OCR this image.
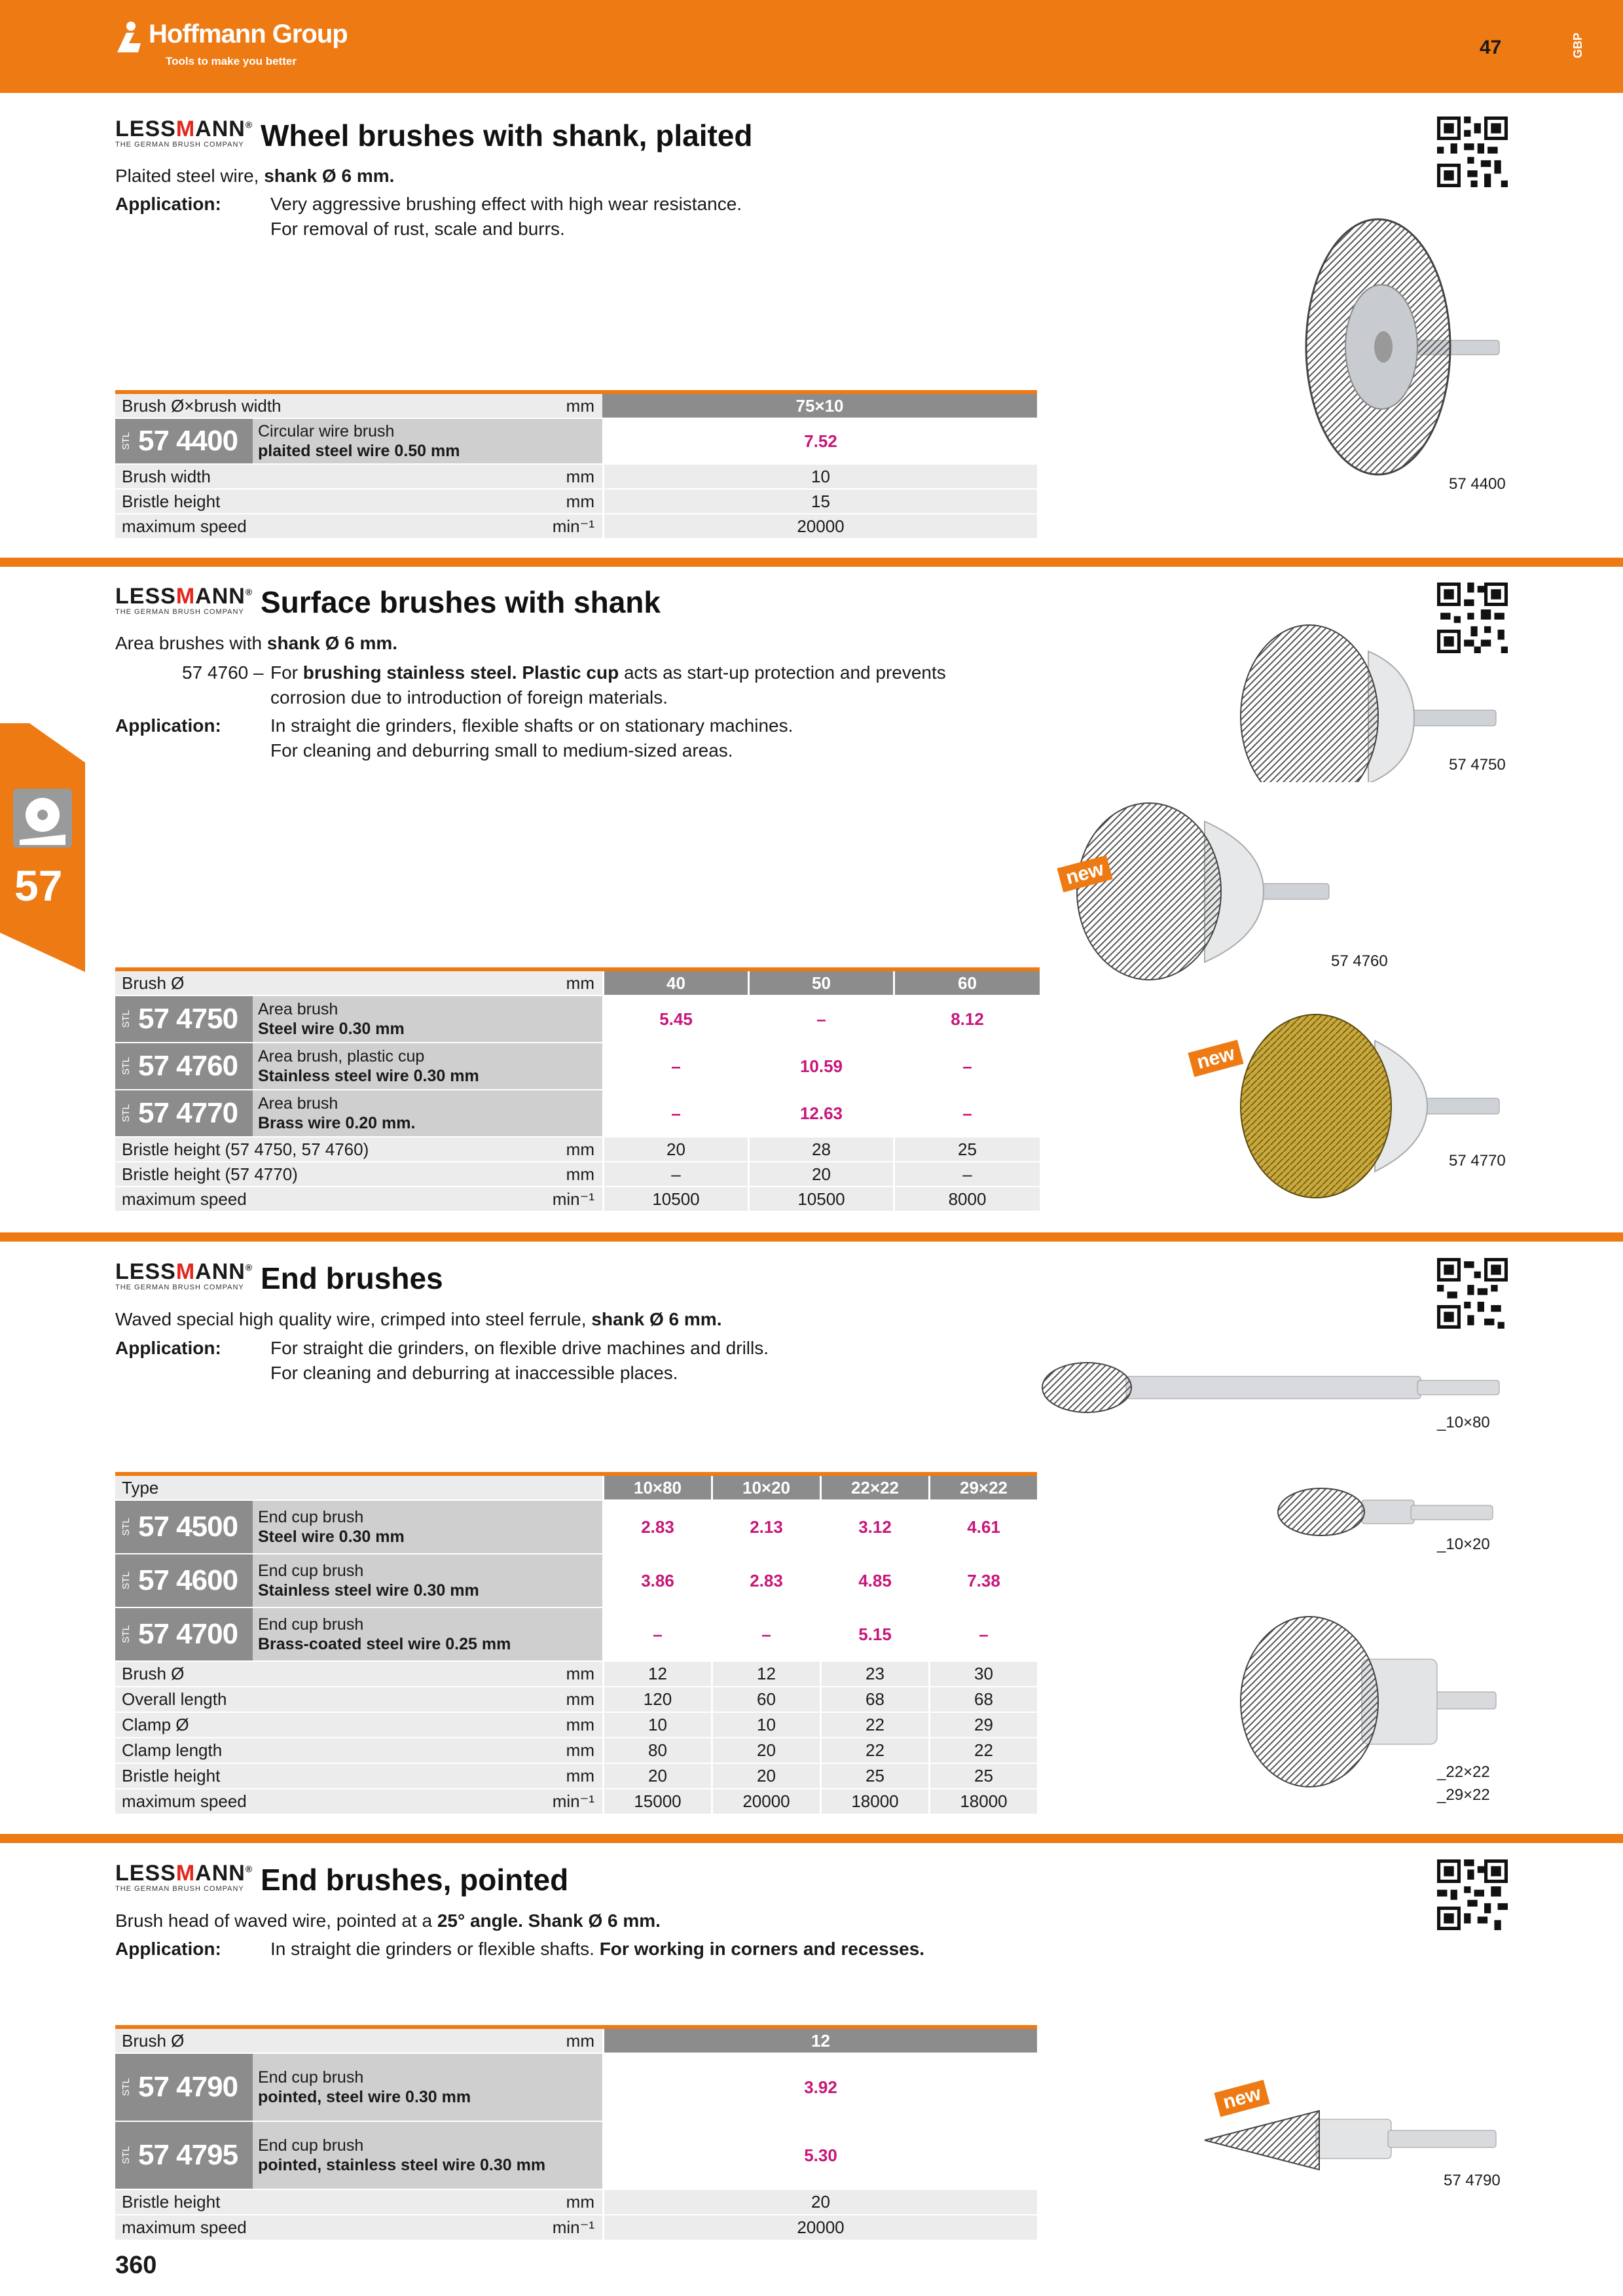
Hoffmann Group
Tools to make you better
47	GBP
57
LESSMANN®
THE GERMAN BRUSH COMPANY Wheel brushes with shank, plaited
Plaited steel wire, shank Ø 6 mm.
Application:	Very aggressive brushing effect with high wear resistance.
For removal of rust, scale and burrs.
57 4400
Brush Ø×brush width	mm	75×10
STL 57 4400	Circular wire brush
plaited steel wire 0.50 mm
7.52
Brush width	mm	10
Bristle height	mm	15
maximum speed	min⁻¹	20000
LESSMANN®
THE GERMAN BRUSH COMPANY Surface brushes with shank
Area brushes with shank Ø 6 mm.
57 4760 – For brushing stainless steel. Plastic cup acts as start-up protection and prevents
corrosion due to introduction of foreign materials.
Application:	In straight die grinders, flexible shafts or on stationary machines.
For cleaning and deburring small to medium-sized areas.
57 4750
new
57 4760
new
57 4770
Brush Ø	mm	40	50	60
STL 57 4750	Area brush
Steel wire 0.30 mm
5.45	–	8.12
STL 57 4760	Area brush, plastic cup
Stainless steel wire 0.30 mm
–	10.59	–
STL 57 4770	Area brush
Brass wire 0.20 mm.
–	12.63	–
Bristle height (57 4750, 57 4760)	mm	20	28	25
Bristle height (57 4770)	mm	–	20	–
maximum speed	min⁻¹	10500	10500	8000
LESSMANN®
THE GERMAN BRUSH COMPANY End brushes
Waved special high quality wire, crimped into steel ferrule, shank Ø 6 mm.
Application:	For straight die grinders, on flexible drive machines and drills.
For cleaning and deburring at inaccessible places.
_10×80
_10×20
_22×22
_29×22
Type	10×80	10×20	22×22	29×22
STL 57 4500	End cup brush
Steel wire 0.30 mm
2.83	2.13	3.12	4.61
STL 57 4600	End cup brush
Stainless steel wire 0.30 mm
3.86	2.83	4.85	7.38
STL 57 4700	End cup brush
Brass-coated steel wire 0.25 mm
–	–	5.15	–
Brush Ø	mm	12	12	23	30
Overall length	mm	120	60	68	68
Clamp Ø	mm	10	10	22	29
Clamp length	mm	80	20	22	22
Bristle height	mm	20	20	25	25
maximum speed	min⁻¹	15000	20000	18000	18000
LESSMANN®
THE GERMAN BRUSH COMPANY End brushes, pointed
Brush head of waved wire, pointed at a 25° angle. Shank Ø 6 mm.
Application:	In straight die grinders or flexible shafts. For working in corners and recesses.
new
57 4790
Brush Ø	mm	12
STL 57 4790	End cup brush
pointed, steel wire 0.30 mm
3.92
STL 57 4795	End cup brush
pointed, stainless steel wire 0.30 mm
5.30
Bristle height	mm	20
maximum speed	min⁻¹	20000
360
